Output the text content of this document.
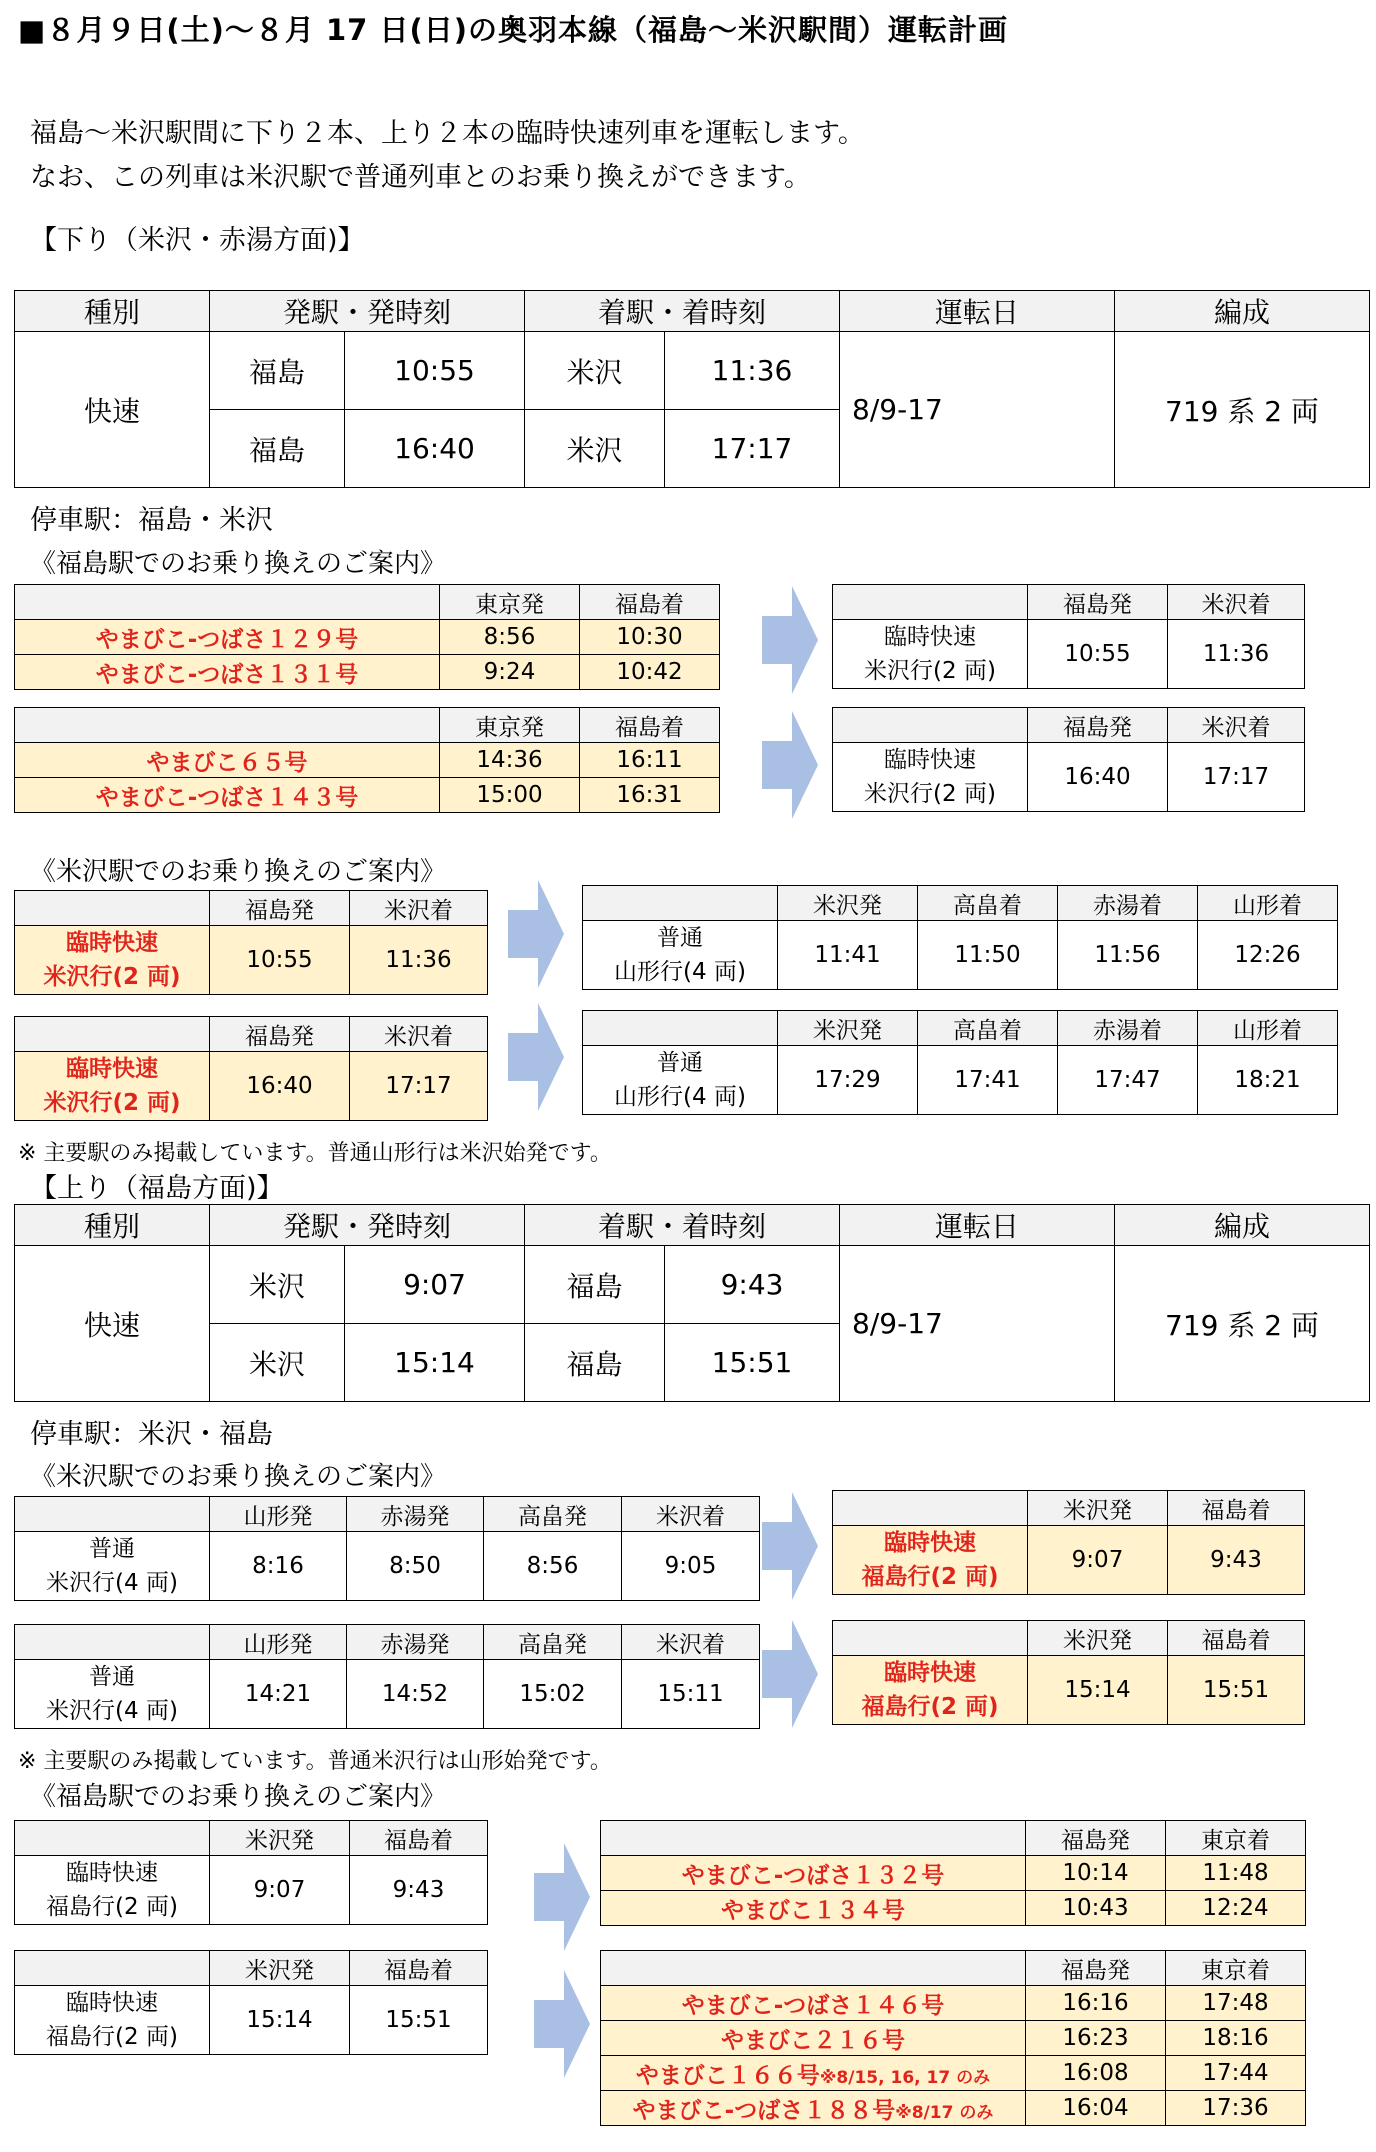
■８月９日(土)～８月 17 日(日)の奥羽本線（福島～米沢駅間）運転計画
福島～米沢駅間に下り２本、上り２本の臨時快速列車を運転します。
なお、この列車は米沢駅で普通列車とのお乗り換えができます。
【下り（米沢・赤湯方面)】
種別	発駅・発時刻		着駅・着時刻		運転日	編成
快速	福島	10:55	米沢	11:36	8/9-17	719 系 2 両
	福島	16:40	米沢	17:17		
停車駅：福島・米沢
《福島駅でのお乗り換えのご案内》
	東京発	福島着
やまびこ-つばさ１２９号	8:56	10:30
やまびこ-つばさ１３１号	9:24	10:42
	福島発	米沢着

臨時快速
米沢行(2 両)	10:55	11:36
	東京発	福島着
やまびこ６５号	14:36	16:11
やまびこ-つばさ１４３号	15:00	16:31
	福島発	米沢着

臨時快速
米沢行(2 両)	16:40	17:17
《米沢駅でのお乗り換えのご案内》
	福島発	米沢着

臨時快速
米沢行(2 両)	10:55	11:36
	米沢発	高畠着	赤湯着	山形着

普通
山形行(4 両)	11:41	11:50	11:56	12:26
	福島発	米沢着

臨時快速
米沢行(2 両)	16:40	17:17
	米沢発	高畠着	赤湯着	山形着

普通
山形行(4 両)	17:29	17:41	17:47	18:21
※ 主要駅のみ掲載しています。普通山形行は米沢始発です。
【上り（福島方面)】
種別	発駅・発時刻		着駅・着時刻		運転日	編成
快速	米沢	9:07	福島	9:43	8/9-17	719 系 2 両
	米沢	15:14	福島	15:51		
停車駅：米沢・福島
《米沢駅でのお乗り換えのご案内》
	山形発	赤湯発	高畠発	米沢着

普通
米沢行(4 両)	8:16	8:50	8:56	9:05
	米沢発	福島着

臨時快速
福島行(2 両)	9:07	9:43
	山形発	赤湯発	高畠発	米沢着

普通
米沢行(4 両)	14:21	14:52	15:02	15:11
	米沢発	福島着

臨時快速
福島行(2 両)	15:14	15:51
※ 主要駅のみ掲載しています。普通米沢行は山形始発です。
《福島駅でのお乗り換えのご案内》
	米沢発	福島着

臨時快速
福島行(2 両)	9:07	9:43
	福島発	東京着
やまびこ-つばさ１３２号	10:14	11:48
やまびこ１３４号	10:43	12:24
	米沢発	福島着

臨時快速
福島行(2 両)	15:14	15:51
	福島発	東京着
やまびこ-つばさ１４６号	16:16	17:48
やまびこ２１６号	16:23	18:16
やまびこ１６６号※8/15, 16, 17 のみ	16:08	17:44
やまびこ-つばさ１８８号※8/17 のみ	16:04	17:36
